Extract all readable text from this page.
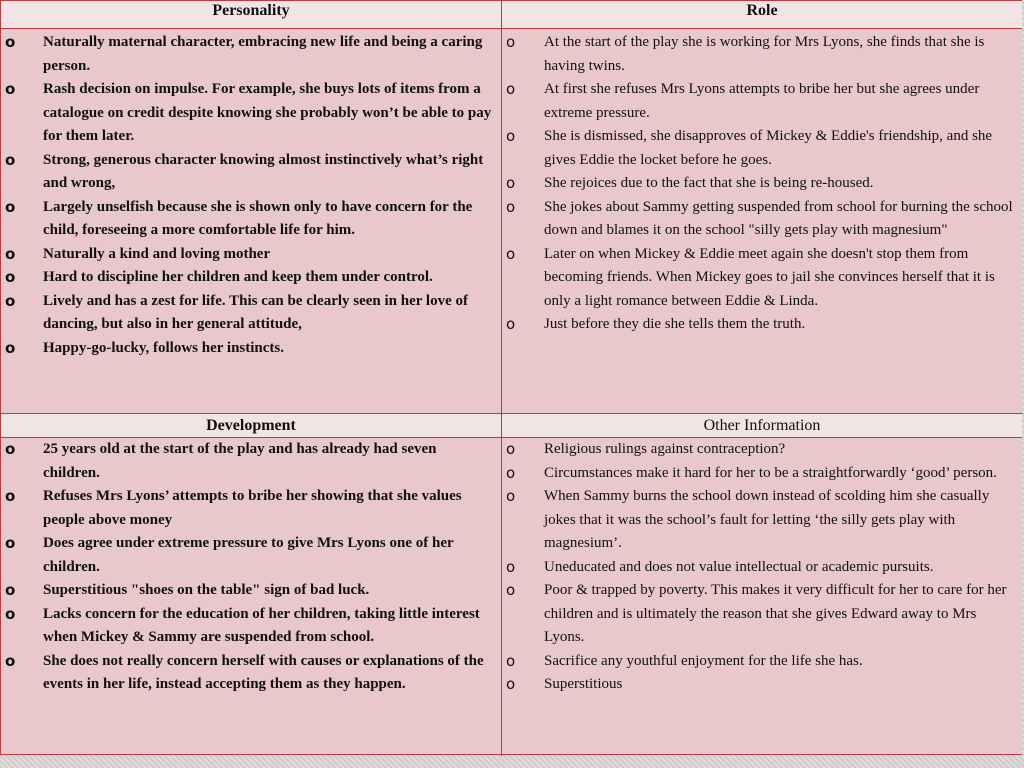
Personality
o Naturally maternal character, embracing new life and being a caring person.
o Rash decision on impulse. For example, she buys lots of items from a catalogue on credit despite knowing she probably won’t be able to pay for them later.
o Strong, generous character knowing almost instinctively what’s right and wrong,
o Largely unselfish because she is shown only to have concern for the child, foreseeing a more comfortable life for him.
o Naturally a kind and loving mother
o Hard to discipline her children and keep them under control.
o Lively and has a zest for life. This can be clearly seen in her love of dancing, but also in her general attitude,
o Happy-go-lucky, follows her instincts.
Role
o At the start of the play she is working for Mrs Lyons, she finds that she is having twins.
o At first she refuses Mrs Lyons attempts to bribe her but she agrees under extreme pressure.
o She is dismissed, she disapproves of Mickey & Eddie's friendship, and she gives Eddie the locket before he goes.
o She rejoices due to the fact that she is being re-housed.
o She jokes about Sammy getting suspended from school for burning the school down and blames it on the school "silly gets play with magnesium"
o Later on when Mickey & Eddie meet again she doesn't stop them from becoming friends. When Mickey goes to jail she convinces herself that it is only a light romance between Eddie & Linda.
o Just before they die she tells them the truth.
Development
o 25 years old at the start of the play and has already had seven children.
o Refuses Mrs Lyons’ attempts to bribe her showing that she values people above money
o Does agree under extreme pressure to give Mrs Lyons one of her children.
o Superstitious "shoes on the table" sign of bad luck.
o Lacks concern for the education of her children, taking little interest when Mickey & Sammy are suspended from school.
o She does not really concern herself with causes or explanations of the events in her life, instead accepting them as they happen.
Other Information
o Religious rulings against contraception?
o Circumstances make it hard for her to be a straightforwardly ‘good’ person.
o When Sammy burns the school down instead of scolding him she casually jokes that it was the school’s fault for letting ‘the silly gets play with magnesium’.
o Uneducated and does not value intellectual or academic pursuits.
o Poor & trapped by poverty. This makes it very difficult for her to care for her children and is ultimately the reason that she gives Edward away to Mrs Lyons.
o Sacrifice any youthful enjoyment for the life she has.
o Superstitious
